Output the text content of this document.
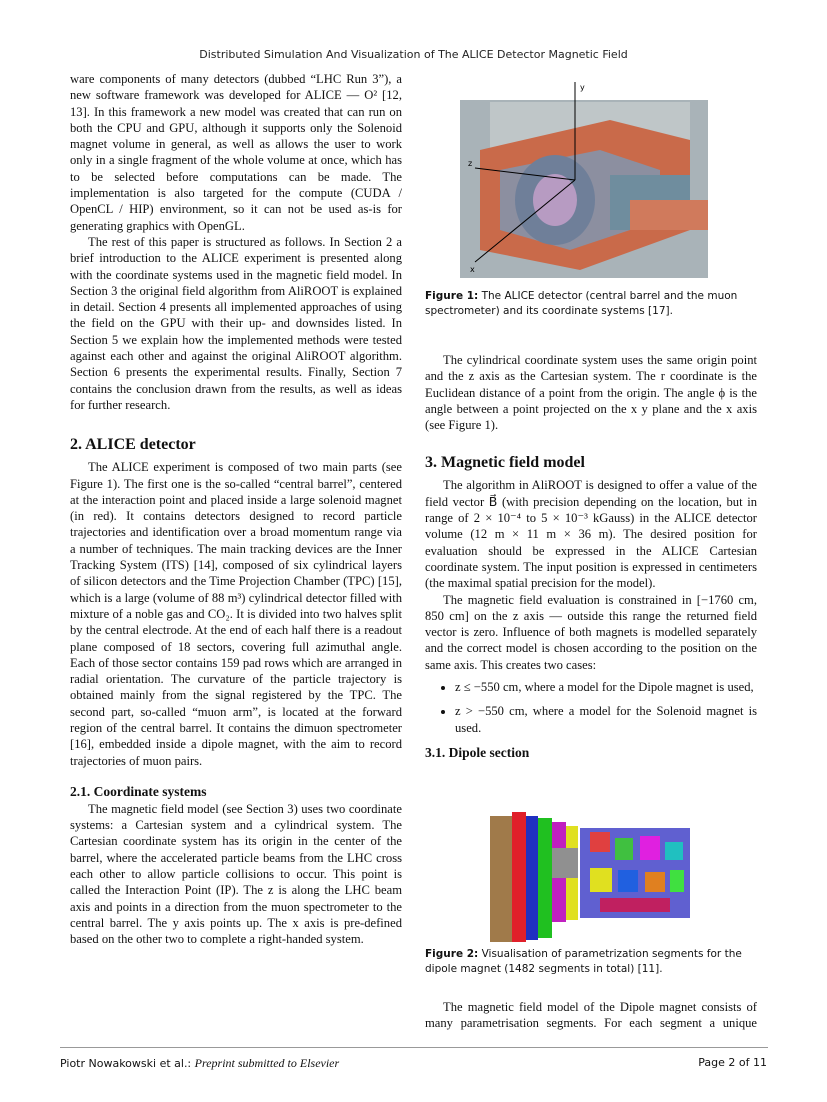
Distributed Simulation And Visualization of The ALICE Detector Magnetic Field

ware components of many detectors (dubbed “LHC Run 3”), a new software framework was developed for ALICE — O² [12, 13]. In this framework a new model was created that can run on both the CPU and GPU, although it supports only the Solenoid magnet volume in general, as well as allows the user to work only in a single fragment of the whole volume at once, which has to be selected before computations can be made. The implementation is also targeted for the compute (CUDA / OpenCL / HIP) environment, so it can not be used as-is for generating graphics with OpenGL.

The rest of this paper is structured as follows. In Section 2 a brief introduction to the ALICE experiment is presented along with the coordinate systems used in the magnetic field model. In Section 3 the original field algorithm from AliROOT is explained in detail. Section 4 presents all implemented approaches of using the field on the GPU with their up- and downsides listed. In Section 5 we explain how the implemented methods were tested against each other and against the original AliROOT algorithm. Section 6 presents the experimental results. Finally, Section 7 contains the conclusion drawn from the results, as well as ideas for further research.

2. ALICE detector

The ALICE experiment is composed of two main parts (see Figure 1). The first one is the so-called “central barrel”, centered at the interaction point and placed inside a large solenoid magnet (in red). It contains detectors designed to record particle trajectories and identification over a broad momentum range via a number of techniques. The main tracking devices are the Inner Tracking System (ITS) [14], composed of six cylindrical layers of silicon detectors and the Time Projection Chamber (TPC) [15], which is a large (volume of 88 m³) cylindrical detector filled with mixture of a noble gas and CO₂. It is divided into two halves split by the central electrode. At the end of each half there is a readout plane composed of 18 sectors, covering full azimuthal angle. Each of those sector contains 159 pad rows which are arranged in radial orientation. The curvature of the particle trajectory is obtained mainly from the signal registered by the TPC. The second part, so-called “muon arm”, is located at the forward region of the central barrel. It contains the dimuon spectrometer [16], embedded inside a dipole magnet, with the aim to record trajectories of muon pairs.

2.1. Coordinate systems

The magnetic field model (see Section 3) uses two coordinate systems: a Cartesian system and a cylindrical system. The Cartesian coordinate system has its origin in the center of the barrel, where the accelerated particle beams from the LHC cross each other to allow particle collisions to occur. This point is called the Interaction Point (IP). The z is along the LHC beam axis and points in a direction from the muon spectrometer to the central barrel. The y axis points up. The x axis is pre-defined based on the other two to complete a right-handed system.

y
z
x
Figure 1: The ALICE detector (central barrel and the muon spectrometer) and its coordinate systems [17].

The cylindrical coordinate system uses the same origin point and the z axis as the Cartesian system. The r coordinate is the Euclidean distance of a point from the origin. The angle ϕ is the angle between a point projected on the x y plane and the x axis (see Figure 1).

3. Magnetic field model

The algorithm in AliROOT is designed to offer a value of the field vector B⃗ (with precision depending on the location, but in range of 2 × 10⁻⁴ to 5 × 10⁻³ kGauss) in the ALICE detector volume (12 m × 11 m × 36 m). The desired position for evaluation should be expressed in the ALICE Cartesian coordinate system. The input position is expressed in centimeters (the maximal spatial precision for the model).

The magnetic field evaluation is constrained in [−1760 cm, 850 cm] on the z axis — outside this range the returned field vector is zero. Influence of both magnets is modelled separately and the correct model is chosen according to the position on the same axis. This creates two cases:

• z ≤ −550 cm, where a model for the Dipole magnet is used,
• z > −550 cm, where a model for the Solenoid magnet is used.
3.1. Dipole section
Figure 2: Visualisation of parametrization segments for the dipole magnet (1482 segments in total) [11].

The magnetic field model of the Dipole magnet consists of many parametrisation segments. For each segment a unique

Piotr Nowakowski et al.: Preprint submitted to Elsevier	Page 2 of 11
